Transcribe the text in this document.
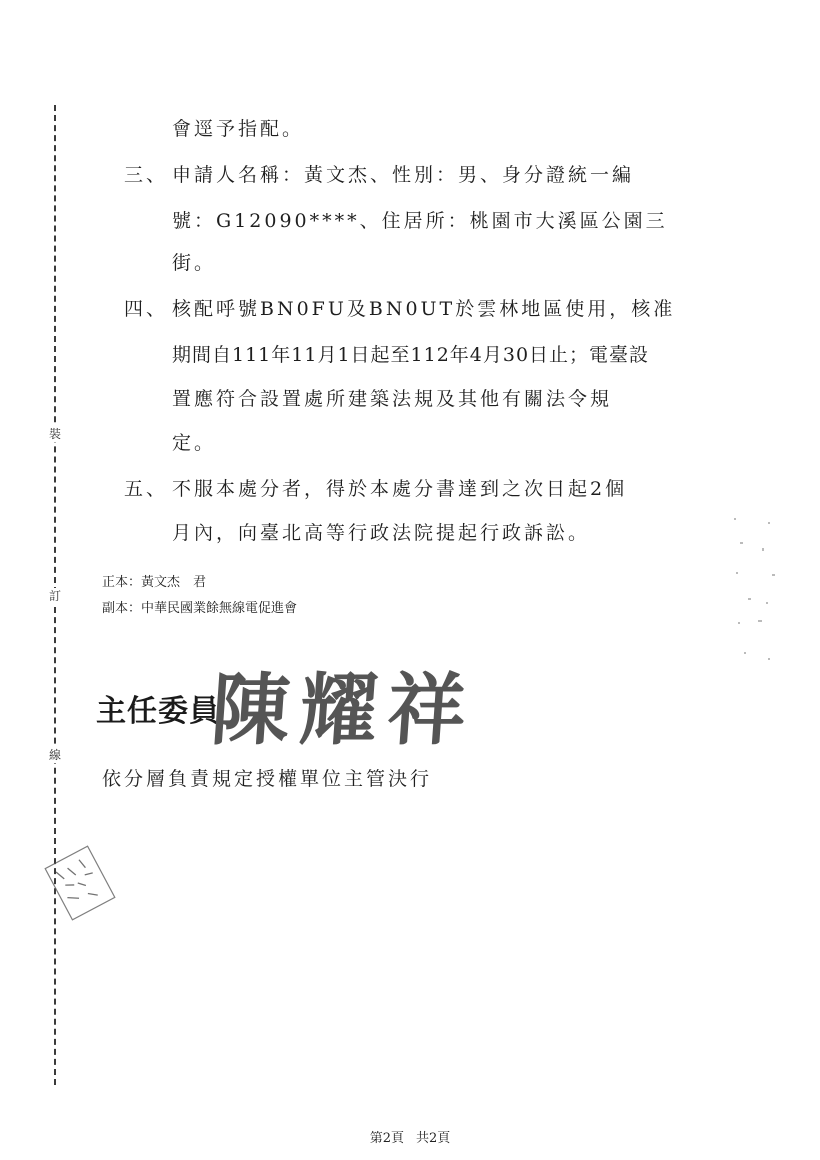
裝
訂
線
會逕予指配。
三、 申請人名稱：黃文杰、性別：男、身分證統一編
號：G12090****、住居所：桃園市大溪區公園三
街。
四、 核配呼號BN0FU及BN0UT於雲林地區使用，核准
期間自111年11月1日起至112年4月30日止；電臺設
置應符合設置處所建築法規及其他有關法令規
定。
五、 不服本處分者，得於本處分書達到之次日起2個
月內，向臺北高等行政法院提起行政訴訟。
正本：黃文杰　君
副本：中華民國業餘無線電促進會
主任委員
陳耀祥
依分層負責規定授權單位主管決行
第2頁 共2頁
